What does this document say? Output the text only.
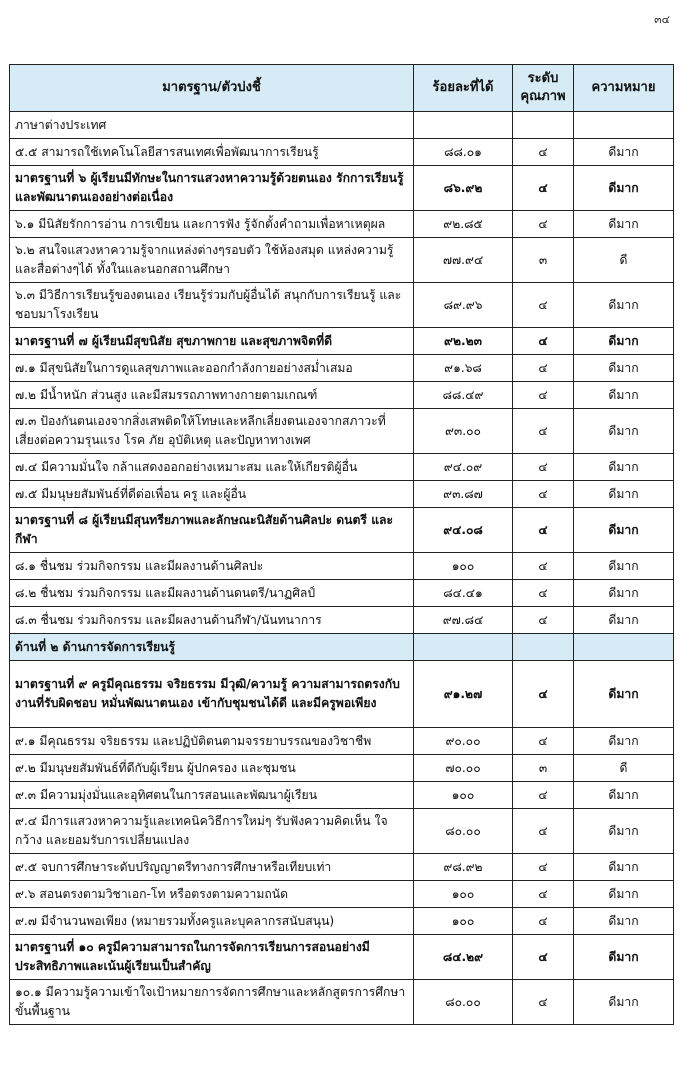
๓๔
มาตรฐาน/ตัวบ่งชี้	ร้อยละที่ได้	ระดับคุณภาพ	ความหมาย
ภาษาต่างประเทศ			
๕.๕ สามารถใช้เทคโนโลยีสารสนเทศเพื่อพัฒนาการเรียนรู้	๘๘.๐๑	๔	ดีมาก
มาตรฐานที่ ๖ ผู้เรียนมีทักษะในการแสวงหาความรู้ด้วยตนเอง รักการเรียนรู้ และพัฒนาตนเองอย่างต่อเนื่อง	๘๖.๙๒	๔	ดีมาก
๖.๑ มีนิสัยรักการอ่าน การเขียน และการฟัง รู้จักตั้งคำถามเพื่อหาเหตุผล	๙๒.๘๕	๔	ดีมาก
๖.๒ สนใจแสวงหาความรู้จากแหล่งต่างๆรอบตัว ใช้ห้องสมุด แหล่งความรู้ และสื่อต่างๆได้ ทั้งในและนอกสถานศึกษา	๗๗.๙๔	๓	ดี
๖.๓ มีวิธีการเรียนรู้ของตนเอง เรียนรู้ร่วมกับผู้อื่นได้ สนุกกับการเรียนรู้ และชอบมาโรงเรียน	๘๙.๙๖	๔	ดีมาก
มาตรฐานที่ ๗ ผู้เรียนมีสุขนิสัย สุขภาพกาย และสุขภาพจิตที่ดี	๙๒.๒๓	๔	ดีมาก
๗.๑ มีสุขนิสัยในการดูแลสุขภาพและออกกำลังกายอย่างสม่ำเสมอ	๙๑.๖๘	๔	ดีมาก
๗.๒ มีน้ำหนัก ส่วนสูง และมีสมรรถภาพทางกายตามเกณฑ์	๘๘.๔๙	๔	ดีมาก
๗.๓ ป้องกันตนเองจากสิ่งเสพติดให้โทษและหลีกเลี่ยงตนเองจากสภาวะที่เสี่ยงต่อความรุนแรง โรค ภัย อุบัติเหตุ และปัญหาทางเพศ	๙๓.๐๐	๔	ดีมาก
๗.๔ มีความมั่นใจ กล้าแสดงออกอย่างเหมาะสม และให้เกียรติผู้อื่น	๙๔.๐๙	๔	ดีมาก
๗.๕ มีมนุษยสัมพันธ์ที่ดีต่อเพื่อน ครู และผู้อื่น	๙๓.๘๗	๔	ดีมาก
มาตรฐานที่ ๘ ผู้เรียนมีสุนทรียภาพและลักษณะนิสัยด้านศิลปะ ดนตรี และกีฬา	๙๔.๐๘	๔	ดีมาก
๘.๑ ชื่นชม ร่วมกิจกรรม และมีผลงานด้านศิลปะ	๑๐๐	๔	ดีมาก
๘.๒ ชื่นชม ร่วมกิจกรรม และมีผลงานด้านดนตรี/นาฏศิลป์	๘๔.๔๑	๔	ดีมาก
๘.๓ ชื่นชม ร่วมกิจกรรม และมีผลงานด้านกีฬา/นันทนาการ	๙๗.๘๔	๔	ดีมาก
ด้านที่ ๒ ด้านการจัดการเรียนรู้			
มาตรฐานที่ ๙ ครูมีคุณธรรม จริยธรรม มีวุฒิ/ความรู้ ความสามารถตรงกับงานที่รับผิดชอบ หมั่นพัฒนาตนเอง เข้ากับชุมชนได้ดี และมีครูพอเพียง	๙๑.๒๗	๔	ดีมาก
๙.๑ มีคุณธรรม จริยธรรม และปฏิบัติตนตามจรรยาบรรณของวิชาชีพ	๙๐.๐๐	๔	ดีมาก
๙.๒ มีมนุษยสัมพันธ์ที่ดีกับผู้เรียน ผู้ปกครอง และชุมชน	๗๐.๐๐	๓	ดี
๙.๓ มีความมุ่งมั่นและอุทิศตนในการสอนและพัฒนาผู้เรียน	๑๐๐	๔	ดีมาก
๙.๔ มีการแสวงหาความรู้และเทคนิควิธีการใหม่ๆ รับฟังความคิดเห็น ใจกว้าง และยอมรับการเปลี่ยนแปลง	๘๐.๐๐	๔	ดีมาก
๙.๕ จบการศึกษาระดับปริญญาตรีทางการศึกษาหรือเทียบเท่า	๙๘.๙๒	๔	ดีมาก
๙.๖ สอนตรงตามวิชาเอก-โท หรือตรงตามความถนัด	๑๐๐	๔	ดีมาก
๙.๗ มีจำนวนพอเพียง (หมายรวมทั้งครูและบุคลากรสนับสนุน)	๑๐๐	๔	ดีมาก
มาตรฐานที่ ๑๐ ครูมีความสามารถในการจัดการเรียนการสอนอย่างมีประสิทธิภาพและเน้นผู้เรียนเป็นสำคัญ	๘๔.๒๙	๔	ดีมาก
๑๐.๑ มีความรู้ความเข้าใจเป้าหมายการจัดการศึกษาและหลักสูตรการศึกษาขั้นพื้นฐาน	๘๐.๐๐	๔	ดีมาก
